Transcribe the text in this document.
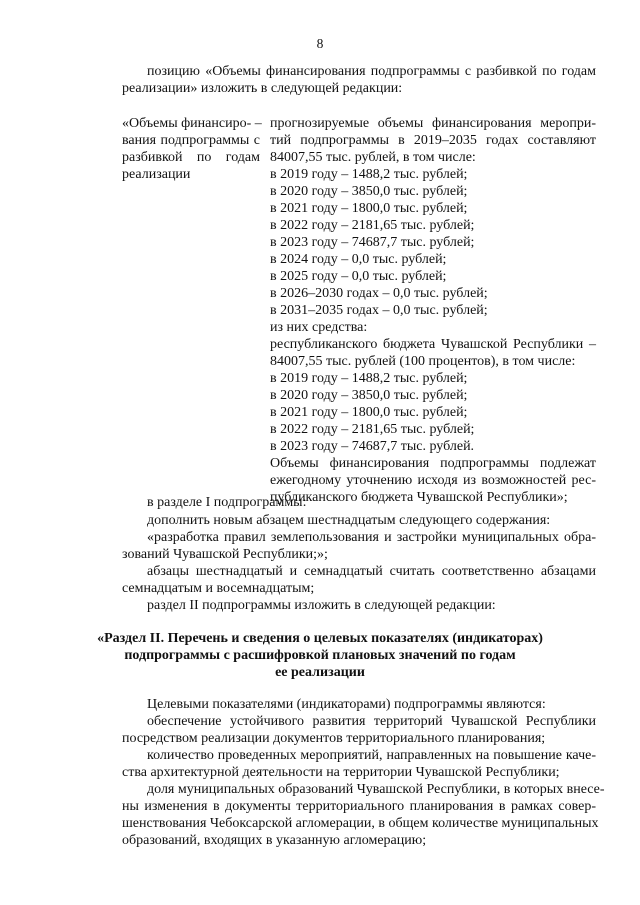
8
позицию «Объемы финансирования подпрограммы с разбивкой по годам
реализации» изложить в следующей редакции:
«Объемы финансиро- –
вания подпрограммы с
разбивкой по годам
реализации
прогнозируемые объемы финансирования меропри-
тий подпрограммы в 2019–2035 годах составляют
84007,55 тыс. рублей, в том числе:
в 2019 году – 1488,2 тыс. рублей;
в 2020 году – 3850,0 тыс. рублей;
в 2021 году – 1800,0 тыс. рублей;
в 2022 году – 2181,65 тыс. рублей;
в 2023 году – 74687,7 тыс. рублей;
в 2024 году – 0,0 тыс. рублей;
в 2025 году – 0,0 тыс. рублей;
в 2026–2030 годах – 0,0 тыс. рублей;
в 2031–2035 годах – 0,0 тыс. рублей;
из них средства:
республиканского бюджета Чувашской Республики –
84007,55 тыс. рублей (100 процентов), в том числе:
в 2019 году – 1488,2 тыс. рублей;
в 2020 году – 3850,0 тыс. рублей;
в 2021 году – 1800,0 тыс. рублей;
в 2022 году – 2181,65 тыс. рублей;
в 2023 году – 74687,7 тыс. рублей.
Объемы финансирования подпрограммы подлежат
ежегодному уточнению исходя из возможностей рес-
публиканского бюджета Чувашской Республики»;
в разделе I подпрограммы:
дополнить новым абзацем шестнадцатым следующего содержания:
«разработка правил землепользования и застройки муниципальных обра-
зований Чувашской Республики;»;
абзацы шестнадцатый и семнадцатый считать соответственно абзацами
семнадцатым и восемнадцатым;
раздел II подпрограммы изложить в следующей редакции:
«Раздел II. Перечень и сведения о целевых показателях (индикаторах)
подпрограммы с расшифровкой плановых значений по годам
ее реализации
Целевыми показателями (индикаторами) подпрограммы являются:
обеспечение устойчивого развития территорий Чувашской Республики
посредством реализации документов территориального планирования;
количество проведенных мероприятий, направленных на повышение каче-
ства архитектурной деятельности на территории Чувашской Республики;
доля муниципальных образований Чувашской Республики, в которых внесе-
ны изменения в документы территориального планирования в рамках совер-
шенствования Чебоксарской агломерации, в общем количестве муниципальных
образований, входящих в указанную агломерацию;
